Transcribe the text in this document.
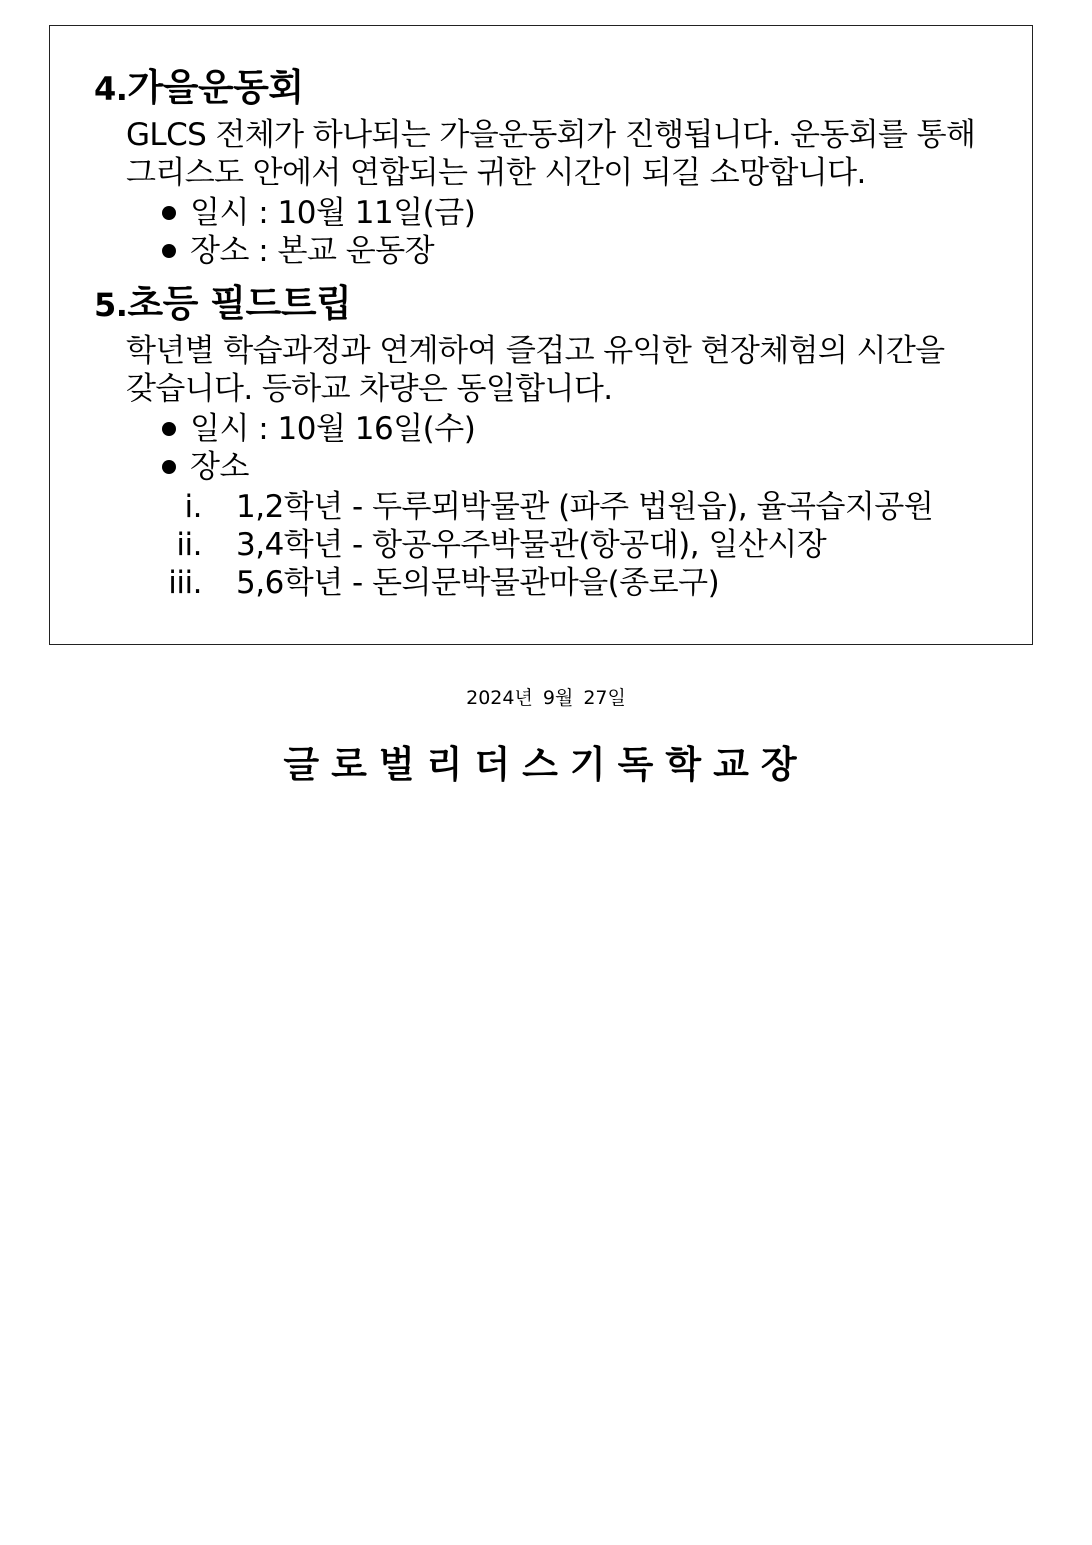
4.가을운동회
GLCS 전체가 하나되는 가을운동회가 진행됩니다. 운동회를 통해
그리스도 안에서 연합되는 귀한 시간이 되길 소망합니다.
일시 : 10월 11일(금)
장소 : 본교 운동장
5.초등 필드트립
학년별 학습과정과 연계하여 즐겁고 유익한 현장체험의 시간을
갖습니다. 등하교 차량은 동일합니다.
일시 : 10월 16일(수)
장소
i. 1,2학년 - 두루뫼박물관 (파주 법원읍), 율곡습지공원
ii. 3,4학년 - 항공우주박물관(항공대), 일산시장
iii. 5,6학년 - 돈의문박물관마을(종로구)
2024년 9월 27일
글로벌리더스기독학교장
